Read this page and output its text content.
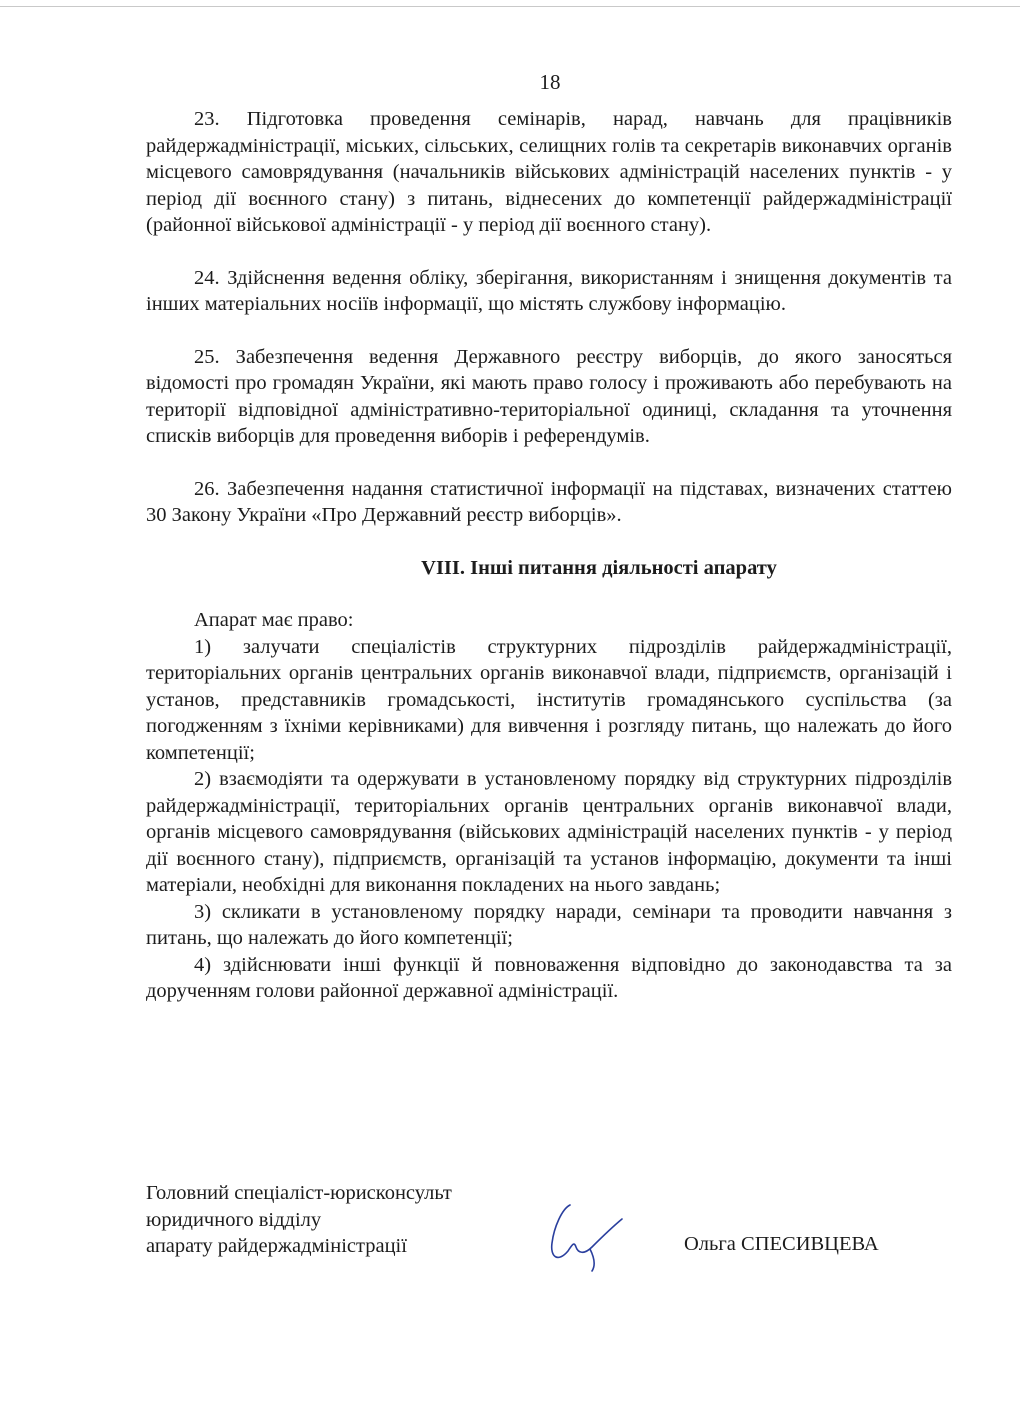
18

23. Підготовка проведення семінарів, нарад, навчань для працівників райдержадміністрації, міських, сільських, селищних голів та секретарів виконавчих органів місцевого самоврядування (начальників військових адміністрацій населених пунктів - у період дії воєнного стану) з питань, віднесених до компетенції райдержадміністрації (районної військової адміністрації - у період дії воєнного стану).

24. Здійснення ведення обліку, зберігання, використанням і знищення документів та інших матеріальних носіїв інформації, що містять службову інформацію.

25. Забезпечення ведення Державного реєстру виборців, до якого заносяться відомості про громадян України, які мають право голосу і проживають або перебувають на території відповідної адміністративно-територіальної одиниці, складання та уточнення списків виборців для проведення виборів і референдумів.

26. Забезпечення надання статистичної інформації на підставах, визначених статтею 30 Закону України «Про Державний реєстр виборців».

VIII. Інші питання діяльності апарату

Апарат має право:

1) залучати спеціалістів структурних підрозділів райдержадміністрації, територіальних органів центральних органів виконавчої влади, підприємств, організацій і установ, представників громадськості, інститутів громадянського суспільства (за погодженням з їхніми керівниками) для вивчення і розгляду питань, що належать до його компетенції;

2) взаємодіяти та одержувати в установленому порядку від структурних підрозділів райдержадміністрації, територіальних органів центральних органів виконавчої влади, органів місцевого самоврядування (військових адміністрацій населених пунктів - у період дії воєнного стану), підприємств, організацій та установ інформацію, документи та інші матеріали, необхідні для виконання покладених на нього завдань;

3) скликати в установленому порядку наради, семінари та проводити навчання з питань, що належать до його компетенції;

4) здійснювати інші функції й повноваження відповідно до законодавства та за дорученням голови районної державної адміністрації.

Головний спеціаліст-юрисконсульт
юридичного відділу
апарату райдержадміністрації	Ольга СПЕСИВЦЕВА
